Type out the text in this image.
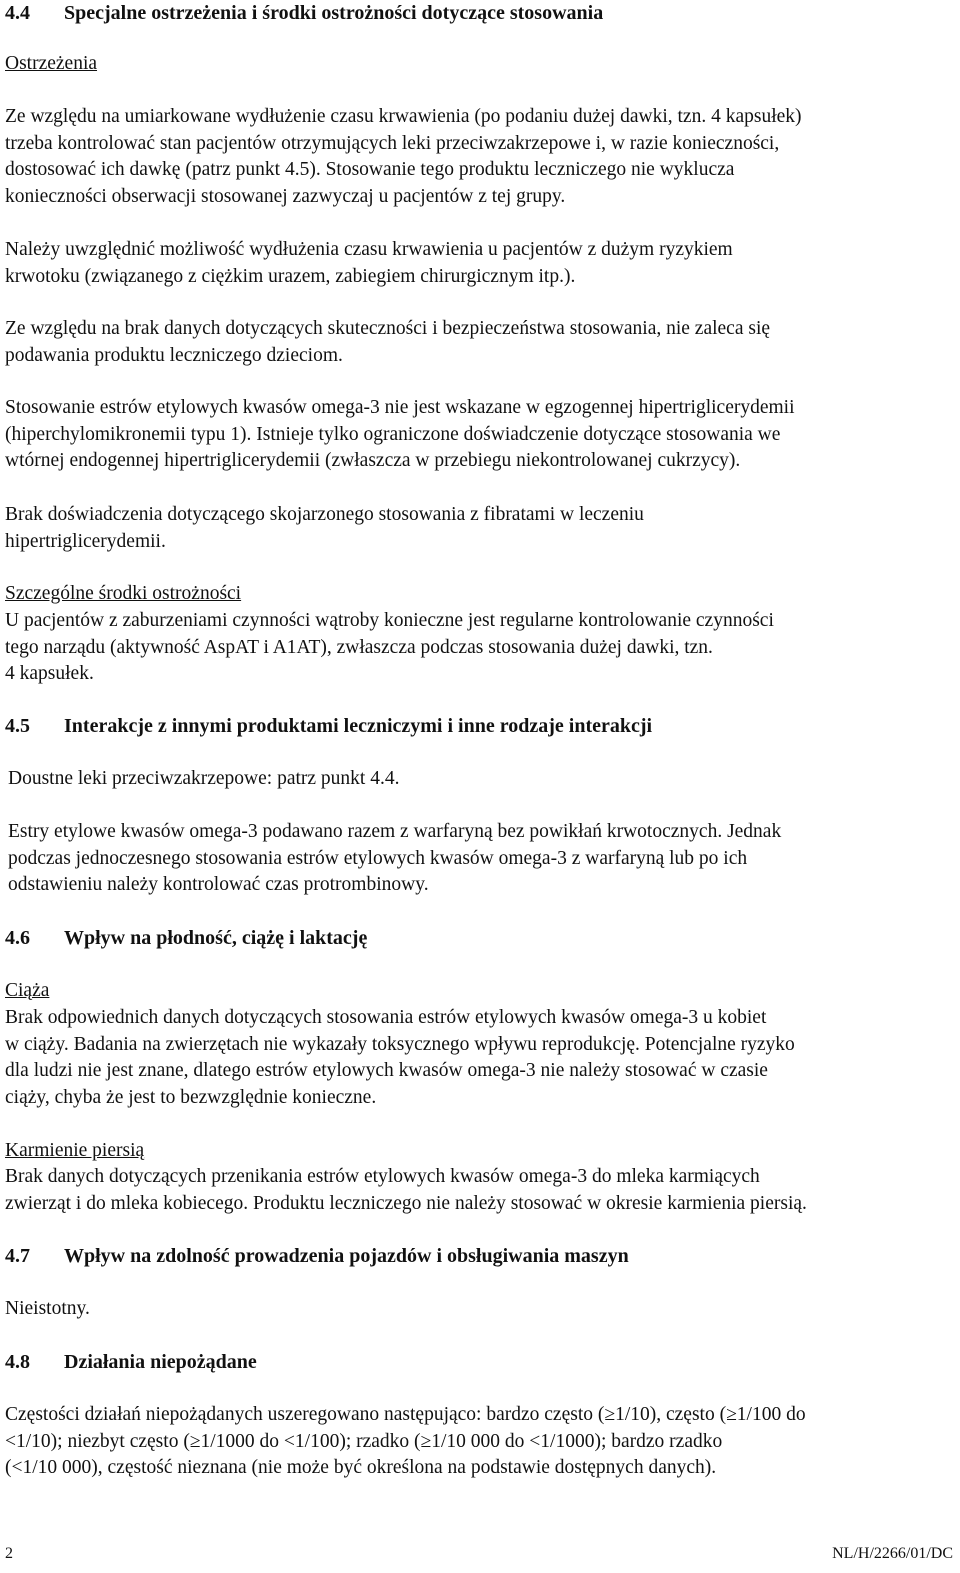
4.4 Specjalne ostrzeżenia i środki ostrożności dotyczące stosowania
Ostrzeżenia
Ze względu na umiarkowane wydłużenie czasu krwawienia (po podaniu dużej dawki, tzn. 4 kapsułek)
trzeba kontrolować stan pacjentów otrzymujących leki przeciwzakrzepowe i, w razie konieczności,
dostosować ich dawkę (patrz punkt 4.5). Stosowanie tego produktu leczniczego nie wyklucza
konieczności obserwacji stosowanej zazwyczaj u pacjentów z tej grupy.
Należy uwzględnić możliwość wydłużenia czasu krwawienia u pacjentów z dużym ryzykiem
krwotoku (związanego z ciężkim urazem, zabiegiem chirurgicznym itp.).
Ze względu na brak danych dotyczących skuteczności i bezpieczeństwa stosowania, nie zaleca się
podawania produktu leczniczego dzieciom.
Stosowanie estrów etylowych kwasów omega-3 nie jest wskazane w egzogennej hipertriglicerydemii
(hiperchylomikronemii typu 1). Istnieje tylko ograniczone doświadczenie dotyczące stosowania we
wtórnej endogennej hipertriglicerydemii (zwłaszcza w przebiegu niekontrolowanej cukrzycy).
Brak doświadczenia dotyczącego skojarzonego stosowania z fibratami w leczeniu
hipertriglicerydemii.
Szczególne środki ostrożności
U pacjentów z zaburzeniami czynności wątroby konieczne jest regularne kontrolowanie czynności
tego narządu (aktywność AspAT i A1AT), zwłaszcza podczas stosowania dużej dawki, tzn.
4 kapsułek.
4.5 Interakcje z innymi produktami leczniczymi i inne rodzaje interakcji
Doustne leki przeciwzakrzepowe: patrz punkt 4.4.
Estry etylowe kwasów omega-3 podawano razem z warfaryną bez powikłań krwotocznych. Jednak
podczas jednoczesnego stosowania estrów etylowych kwasów omega-3 z warfaryną lub po ich
odstawieniu należy kontrolować czas protrombinowy.
4.6 Wpływ na płodność, ciążę i laktację
Ciąża
Brak odpowiednich danych dotyczących stosowania estrów etylowych kwasów omega-3 u kobiet
w ciąży. Badania na zwierzętach nie wykazały toksycznego wpływu reprodukcję. Potencjalne ryzyko
dla ludzi nie jest znane, dlatego estrów etylowych kwasów omega-3 nie należy stosować w czasie
ciąży, chyba że jest to bezwzględnie konieczne.
Karmienie piersią
Brak danych dotyczących przenikania estrów etylowych kwasów omega-3 do mleka karmiących
zwierząt i do mleka kobiecego. Produktu leczniczego nie należy stosować w okresie karmienia piersią.
4.7 Wpływ na zdolność prowadzenia pojazdów i obsługiwania maszyn
Nieistotny.
4.8 Działania niepożądane
Częstości działań niepożądanych uszeregowano następująco: bardzo często (≥1/10), często (≥1/100 do
<1/10); niezbyt często (≥1/1000 do <1/100); rzadko (≥1/10 000 do <1/1000); bardzo rzadko
(<1/10 000), częstość nieznana (nie może być określona na podstawie dostępnych danych).
2	NL/H/2266/01/DC
